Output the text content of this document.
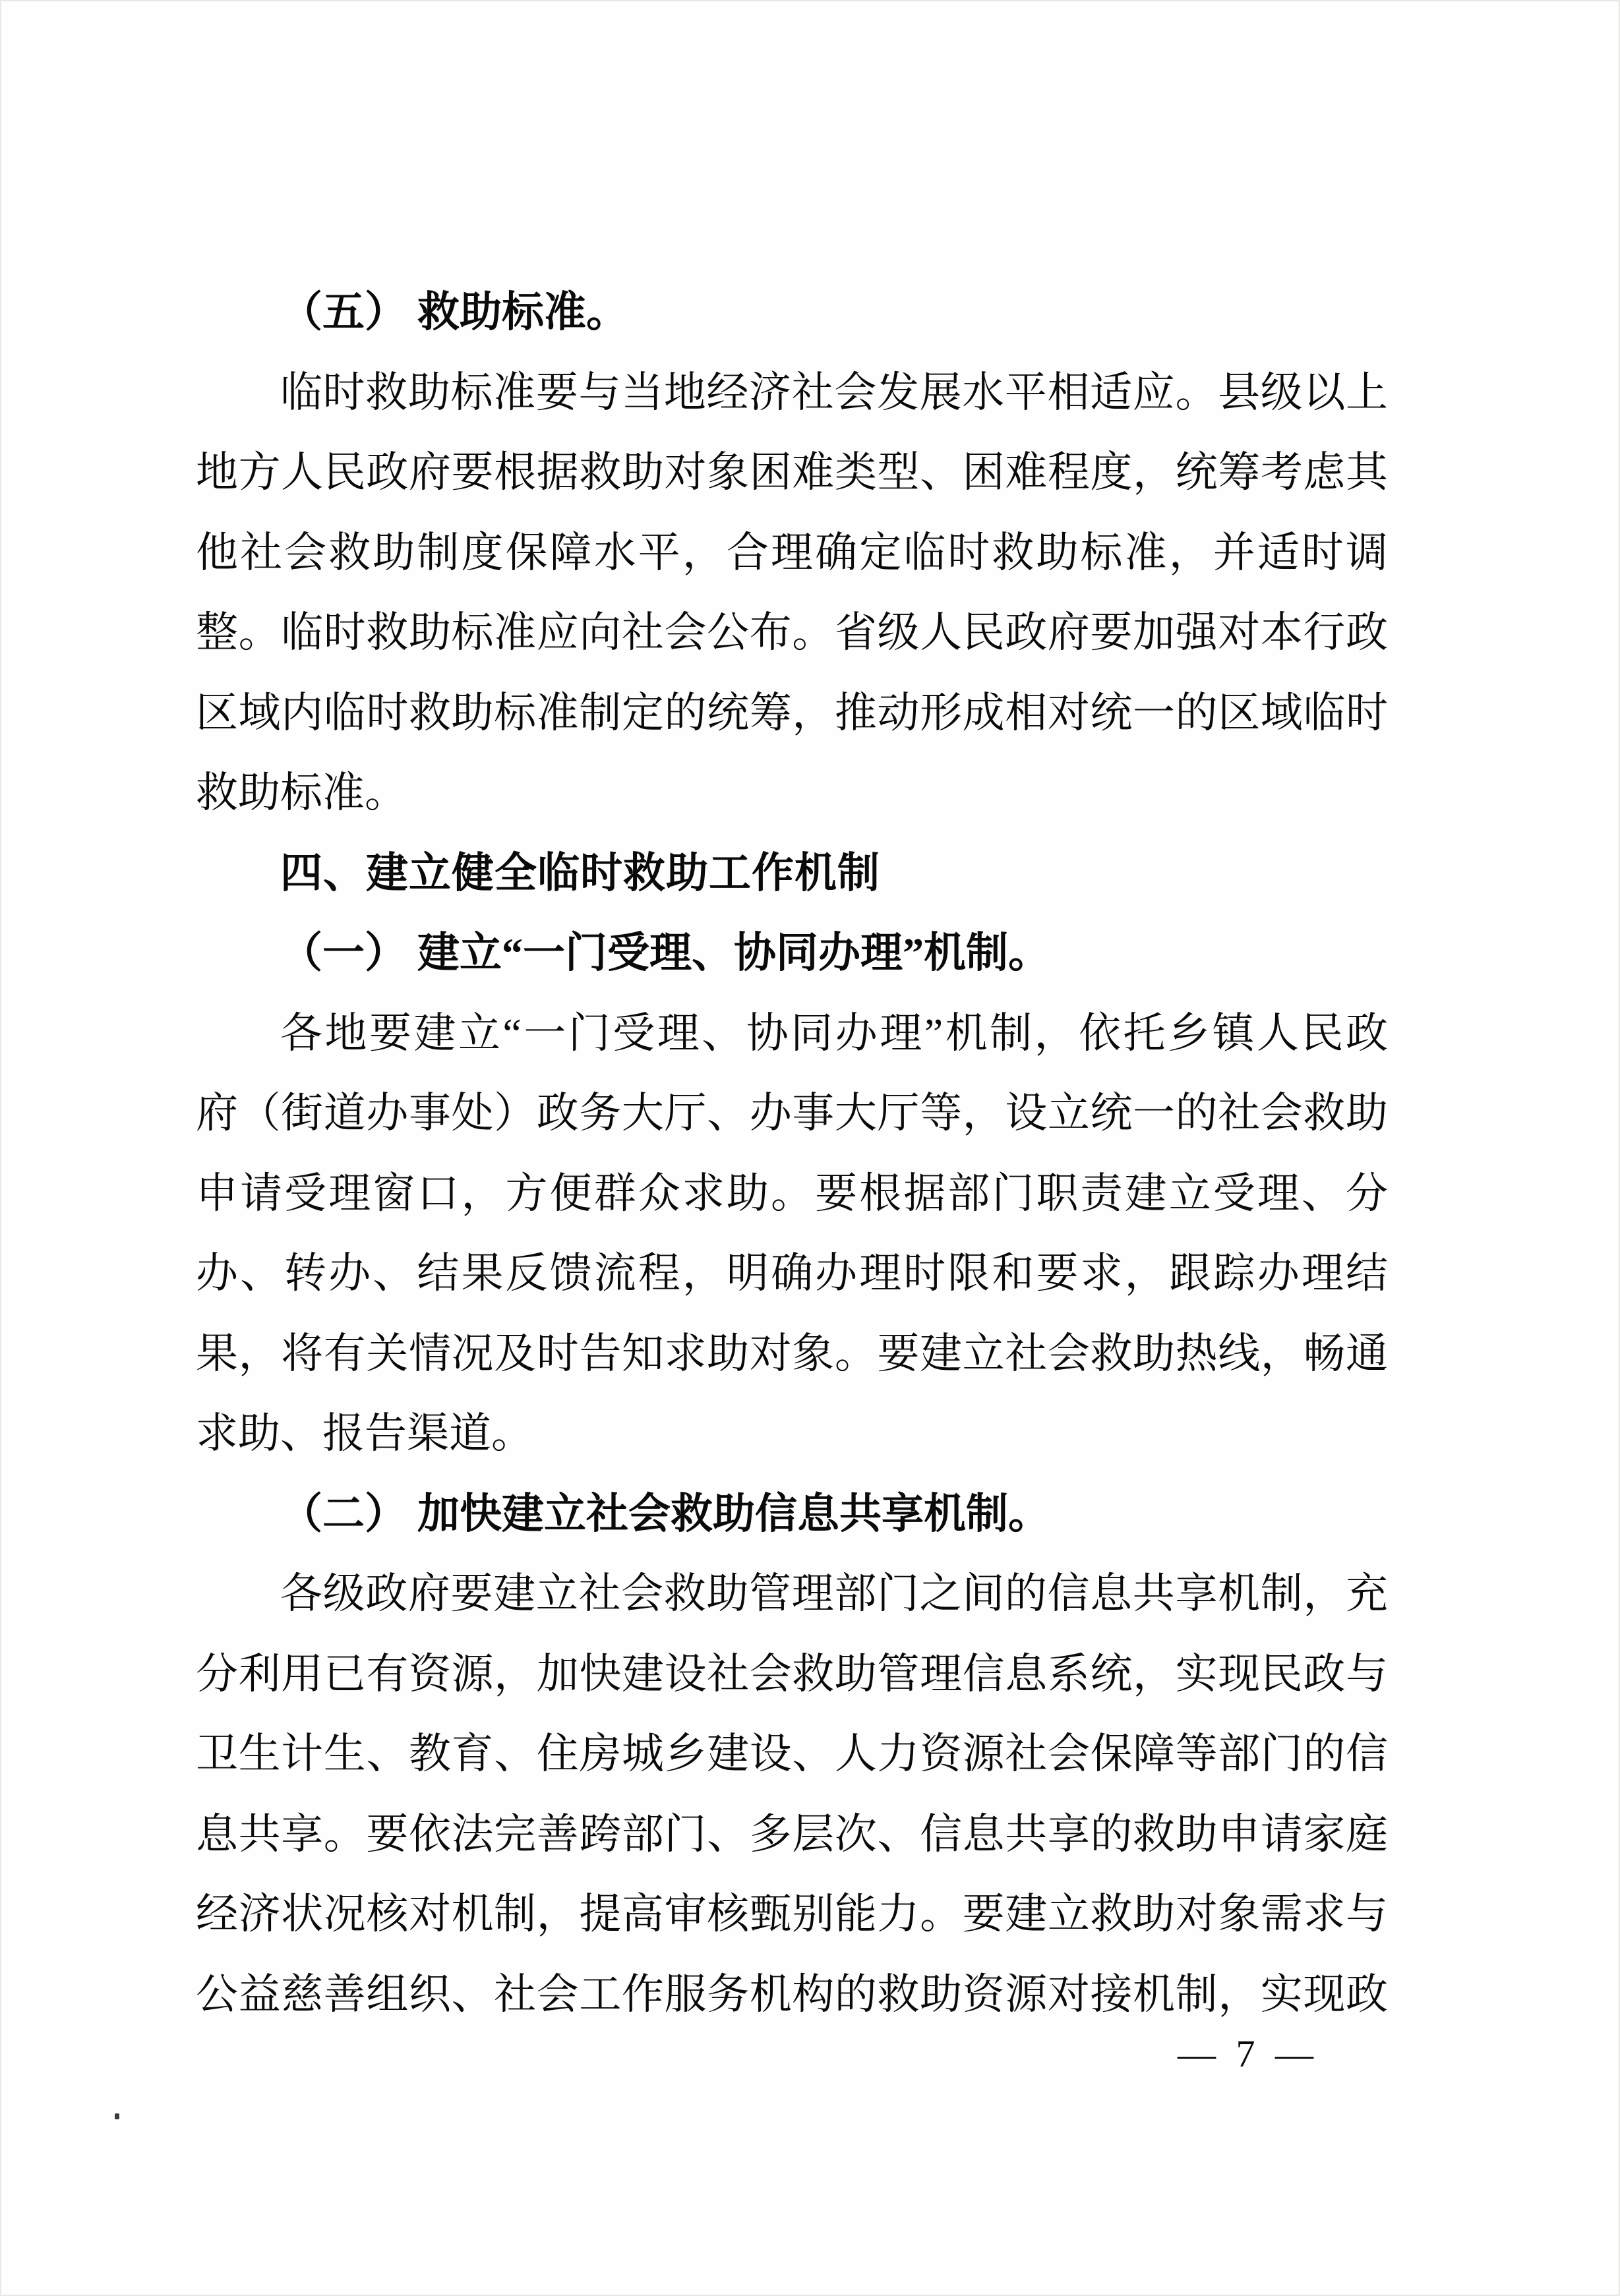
（五） 救助标准。
临时救助标准要与当地经济社会发展水平相适应。县级以上
地方人民政府要根据救助对象困难类型、困难程度，统筹考虑其
他社会救助制度保障水平，合理确定临时救助标准，并适时调
整。临时救助标准应向社会公布。省级人民政府要加强对本行政
区域内临时救助标准制定的统筹，推动形成相对统一的区域临时
救助标准。
四、建立健全临时救助工作机制
（一） 建立“一门受理、协同办理”机制。
各地要建立“一门受理、协同办理”机制，依托乡镇人民政
府（街道办事处）政务大厅、办事大厅等，设立统一的社会救助
申请受理窗口，方便群众求助。要根据部门职责建立受理、分
办、转办、结果反馈流程，明确办理时限和要求，跟踪办理结
果，将有关情况及时告知求助对象。要建立社会救助热线，畅通
求助、报告渠道。
（二） 加快建立社会救助信息共享机制。
各级政府要建立社会救助管理部门之间的信息共享机制，充
分利用已有资源，加快建设社会救助管理信息系统，实现民政与
卫生计生、教育、住房城乡建设、人力资源社会保障等部门的信
息共享。要依法完善跨部门、多层次、信息共享的救助申请家庭
经济状况核对机制，提高审核甄别能力。要建立救助对象需求与
公益慈善组织、社会工作服务机构的救助资源对接机制，实现政
— 7 —
